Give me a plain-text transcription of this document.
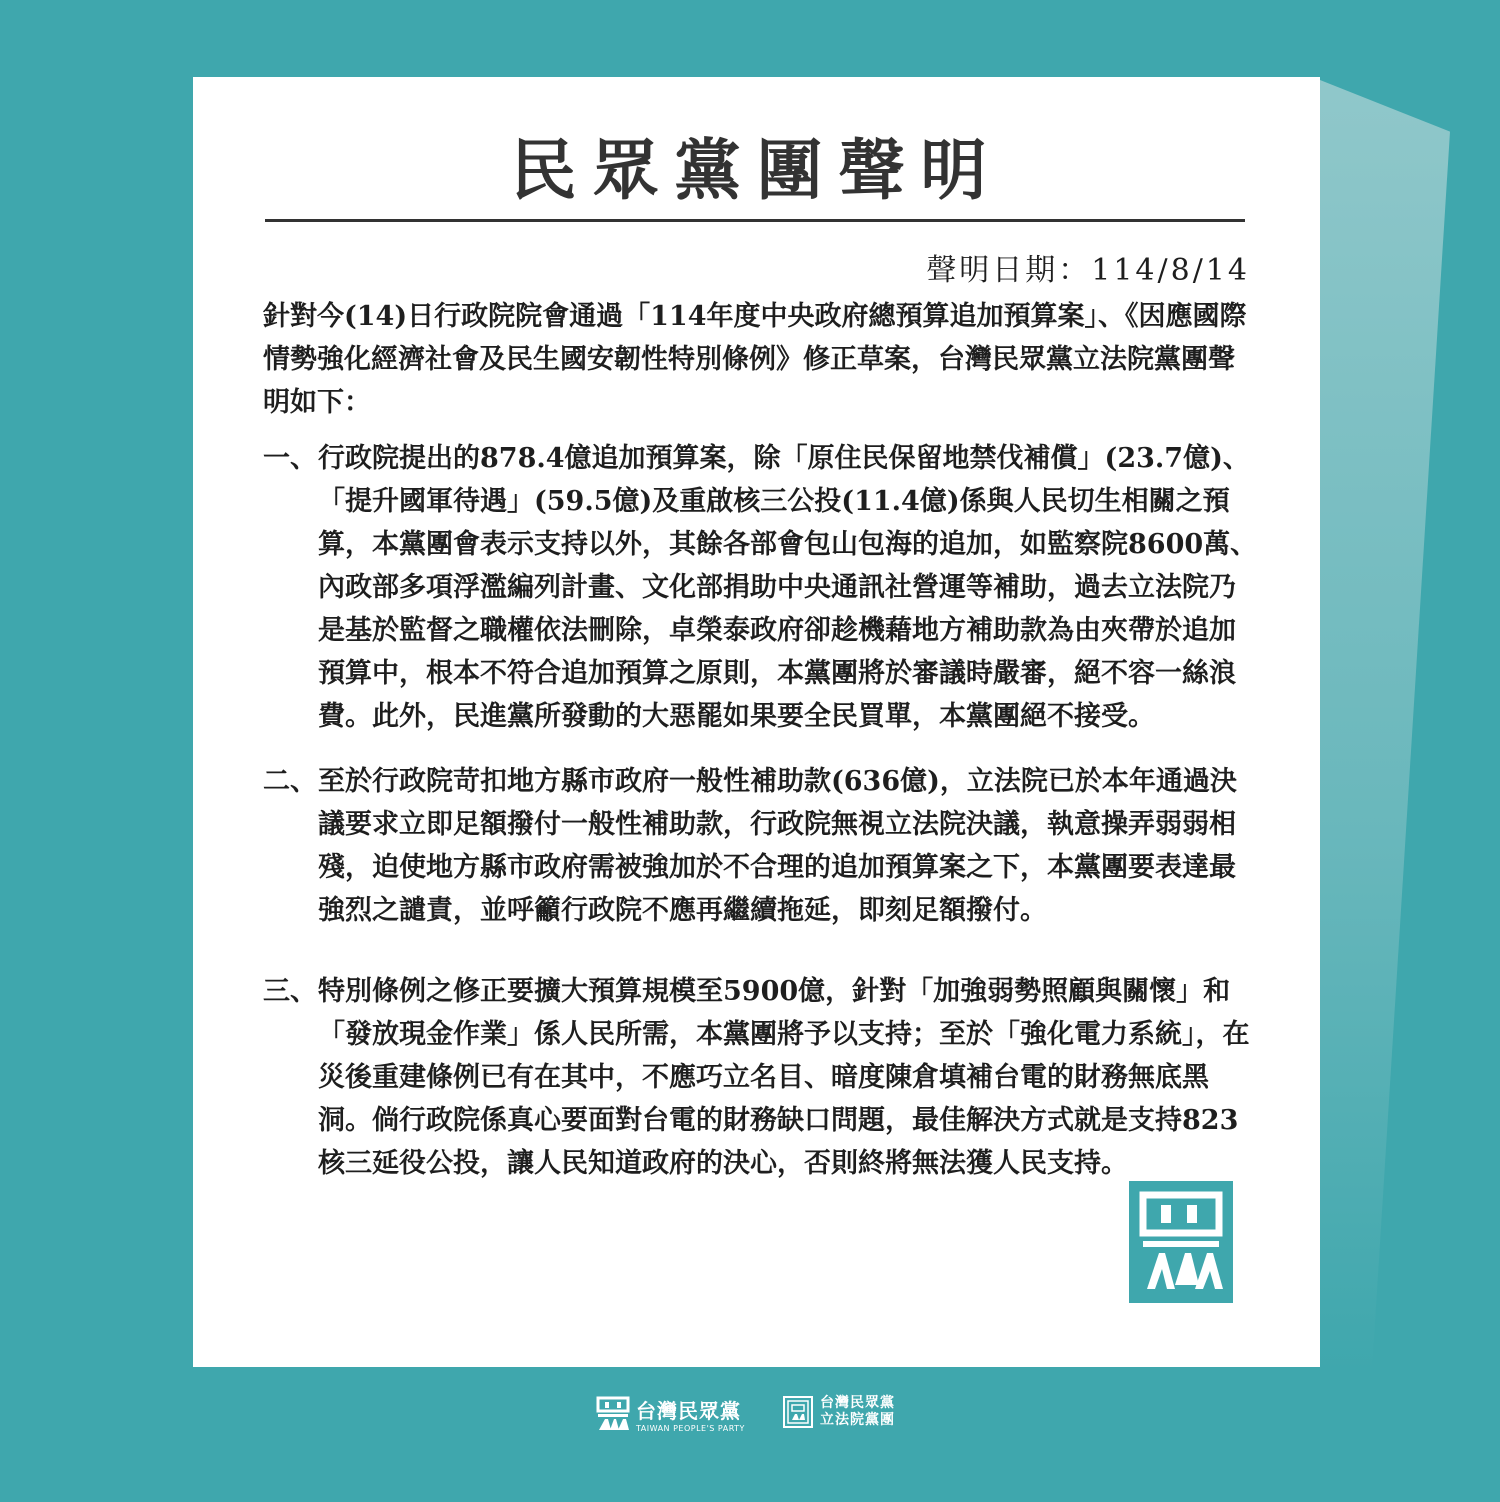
民眾黨團聲明
聲明日期：114/8/14

針對今(14)日行政院院會通過「114年度中央政府總預算追加預算案」、《因應國際情勢強化經濟社會及民生國安韌性特別條例》修正草案，台灣民眾黨立法院黨團聲明如下：

一、 行政院提出的878.4億追加預算案，除「原住民保留地禁伐補償」(23.7億)、「提升國軍待遇」(59.5億)及重啟核三公投(11.4億)係與人民切生相關之預算，本黨團會表示支持以外，其餘各部會包山包海的追加，如監察院8600萬、內政部多項浮濫編列計畫、文化部捐助中央通訊社營運等補助，過去立法院乃是基於監督之職權依法刪除，卓榮泰政府卻趁機藉地方補助款為由夾帶於追加預算中，根本不符合追加預算之原則，本黨團將於審議時嚴審，絕不容一絲浪費。此外，民進黨所發動的大惡罷如果要全民買單，本黨團絕不接受。
二、 至於行政院苛扣地方縣市政府一般性補助款(636億)，立法院已於本年通過決議要求立即足額撥付一般性補助款，行政院無視立法院決議，執意操弄弱弱相殘，迫使地方縣市政府需被強加於不合理的追加預算案之下，本黨團要表達最強烈之譴責，並呼籲行政院不應再繼續拖延，即刻足額撥付。
三、 特別條例之修正要擴大預算規模至5900億，針對「加強弱勢照顧與關懷」和「發放現金作業」係人民所需，本黨團將予以支持；至於「強化電力系統」，在災後重建條例已有在其中，不應巧立名目、暗度陳倉填補台電的財務無底黑洞。倘行政院係真心要面對台電的財務缺口問題，最佳解決方式就是支持823核三延役公投，讓人民知道政府的決心，否則終將無法獲人民支持。
台灣民眾黨
TAIWAN PEOPLE'S PARTY
台灣民眾黨
立法院黨團
